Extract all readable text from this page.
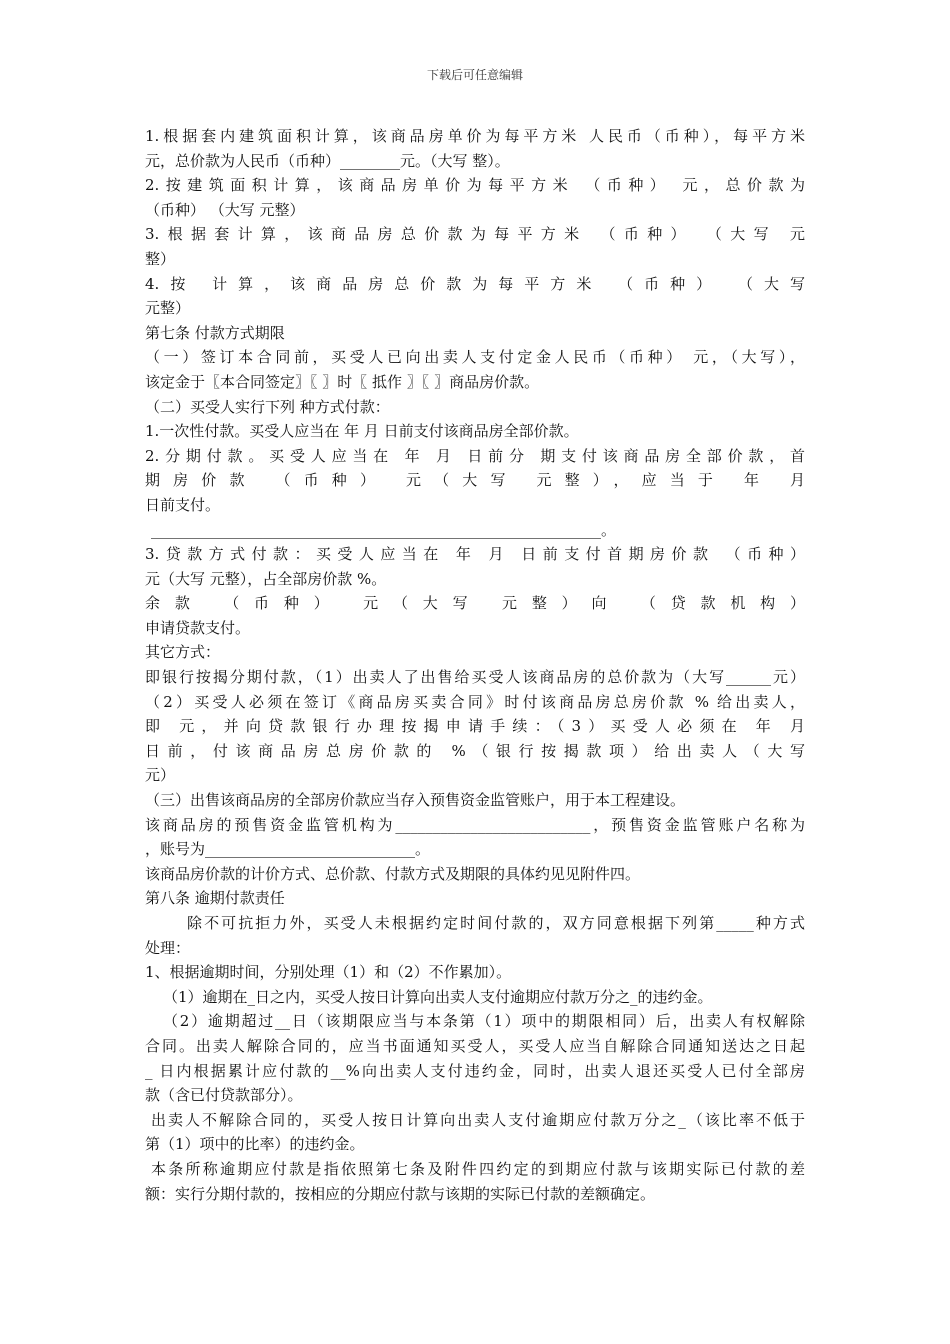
下载后可任意编辑
1.根据套内建筑面积计算，该商品房单价为每平方米 人民币（币种），每平方米
元，总价款为人民币（币种）________元。（大写 整）。
2.按建筑面积计算，该商品房单价为每平方米 （币种） 元，总价款为
（币种） （大写 元整）
3.根据套计算，该商品房总价款为每平方米 （币种） （大写 元
整）
4.按 计算，该商品房总价款为每平方米 （币种） （大写
元整）
第七条 付款方式期限
（一）签订本合同前，买受人已向出卖人支付定金人民币（币种） 元，（大写），
该定金于〖本合同签定〗〖 〗时〖 抵作 〗〖 〗商品房价款。
（二）买受人实行下列 种方式付款：
1.一次性付款。买受人应当在 年 月 日前支付该商品房全部价款。
2.分期付款。买受人应当在 年 月 日前分 期支付该商品房全部价款，首
期房价款 （币种） 元（大写 元整），应当于 年 月
日前支付。
____________________________________________________________。
3.贷款方式付款：买受人应当在 年 月 日前支付首期房价款 （币种）
元（大写 元整），占全部房价款 %。
余款 （币种） 元（大写 元整）向 （贷款机构）
申请贷款支付。
其它方式：
即银行按揭分期付款，（1）出卖人了出售给买受人该商品房的总价款为（大写______元）
（2）买受人必须在签订《商品房买卖合同》时付该商品房总房价款 % 给出卖人，
即 元，并向贷款银行办理按揭申请手续：（3）买受人必须在 年 月
日前，付该商品房总房价款的 %（银行按揭款项）给出卖人（大写
元）
（三）出售该商品房的全部房价款应当存入预售资金监管账户，用于本工程建设。
该商品房的预售资金监管机构为__________________________，预售资金监管账户名称为
，账号为____________________________。
该商品房价款的计价方式、总价款、付款方式及期限的具体约见见附件四。
第八条 逾期付款责任
除不可抗拒力外，买受人未根据约定时间付款的，双方同意根据下列第_____种方式
处理：
1、根据逾期时间，分别处理（1）和（2）不作累加）。
（1）逾期在_日之内，买受人按日计算向出卖人支付逾期应付款万分之_的违约金。
（2）逾期超过__日（该期限应当与本条第（1）项中的期限相同）后，出卖人有权解除
合同。出卖人解除合同的，应当书面通知买受人，买受人应当自解除合同通知送达之日起
_ 日内根据累计应付款的__%向出卖人支付违约金，同时，出卖人退还买受人已付全部房
款（含已付贷款部分）。
出卖人不解除合同的，买受人按日计算向出卖人支付逾期应付款万分之_（该比率不低于
第（1）项中的比率）的违约金。
本条所称逾期应付款是指依照第七条及附件四约定的到期应付款与该期实际已付款的差
额：实行分期付款的，按相应的分期应付款与该期的实际已付款的差额确定。
